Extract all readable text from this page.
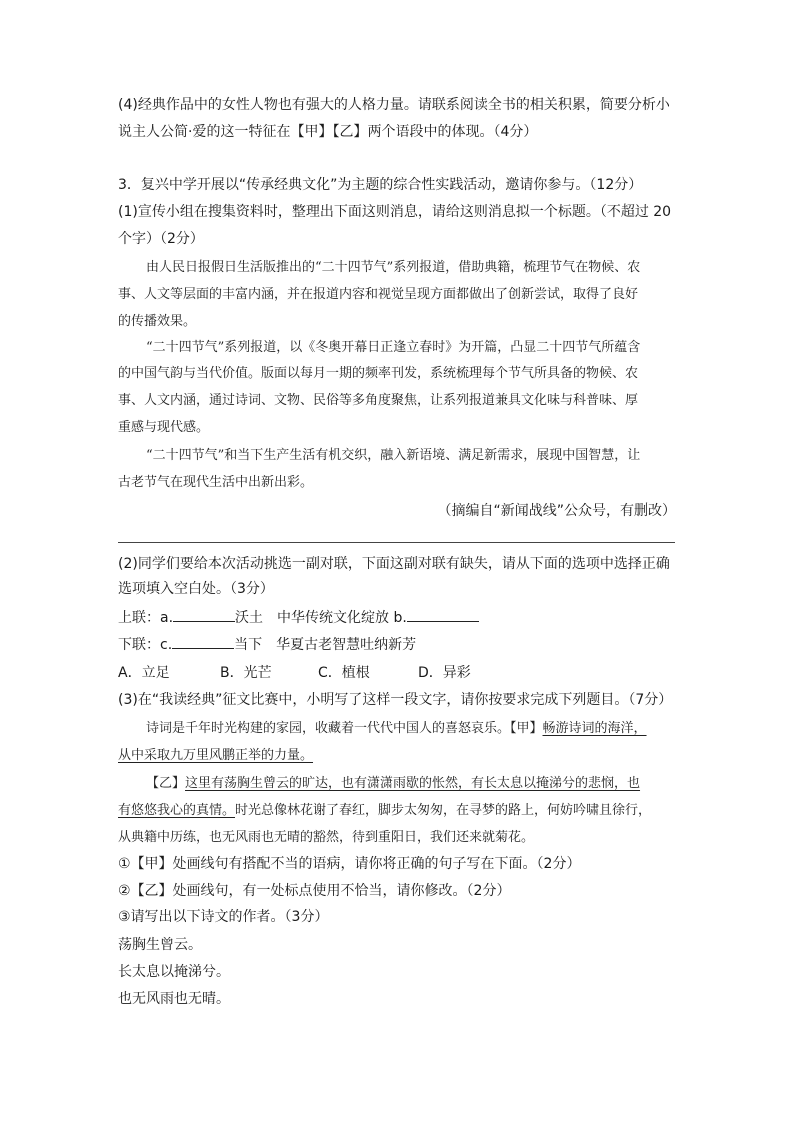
(4)经典作品中的女性人物也有强大的人格力量。请联系阅读全书的相关积累，简要分析小
说主人公简·爱的这一特征在【甲】【乙】两个语段中的体现。（4分）
3．复兴中学开展以“传承经典文化”为主题的综合性实践活动，邀请你参与。（12分）
(1)宣传小组在搜集资料时，整理出下面这则消息，请给这则消息拟一个标题。（不超过 20
个字）（2分）
由人民日报假日生活版推出的“二十四节气”系列报道，借助典籍，梳理节气在物候、农
事、人文等层面的丰富内涵，并在报道内容和视觉呈现方面都做出了创新尝试，取得了良好
的传播效果。
“二十四节气”系列报道，以《冬奥开幕日正逢立春时》为开篇，凸显二十四节气所蕴含
的中国气韵与当代价值。版面以每月一期的频率刊发，系统梳理每个节气所具备的物候、农
事、人文内涵，通过诗词、文物、民俗等多角度聚焦，让系列报道兼具文化味与科普味、厚
重感与现代感。
“二十四节气”和当下生产生活有机交织，融入新语境、满足新需求，展现中国智慧，让
古老节气在现代生活中出新出彩。
（摘编自“新闻战线”公众号，有删改）
(2)同学们要给本次活动挑选一副对联，下面这副对联有缺失，请从下面的选项中选择正确
选项填入空白处。（3分）
上联：a.	沃土　中华传统文化绽放 b.
下联：c.	当下　华夏古老智慧吐纳新芳
A．立足	B．光芒	C．植根	D．异彩
(3)在“我读经典”征文比赛中，小明写了这样一段文字，请你按要求完成下列题目。（7分）
诗词是千年时光构建的家园，收藏着一代代中国人的喜怒哀乐。【甲】畅游诗词的海洋，
从中采取九万里风鹏正举的力量。
【乙】这里有荡胸生曾云的旷达，也有潇潇雨歇的怅然，有长太息以掩涕兮的悲悯，也
有悠悠我心的真情。时光总像林花谢了春红，脚步太匆匆，在寻梦的路上，何妨吟啸且徐行，
从典籍中历练，也无风雨也无晴的豁然，待到重阳日，我们还来就菊花。
①【甲】处画线句有搭配不当的语病，请你将正确的句子写在下面。（2分）
②【乙】处画线句，有一处标点使用不恰当，请你修改。（2分）
③请写出以下诗文的作者。（3分）
荡胸生曾云。
长太息以掩涕兮。
也无风雨也无晴。
